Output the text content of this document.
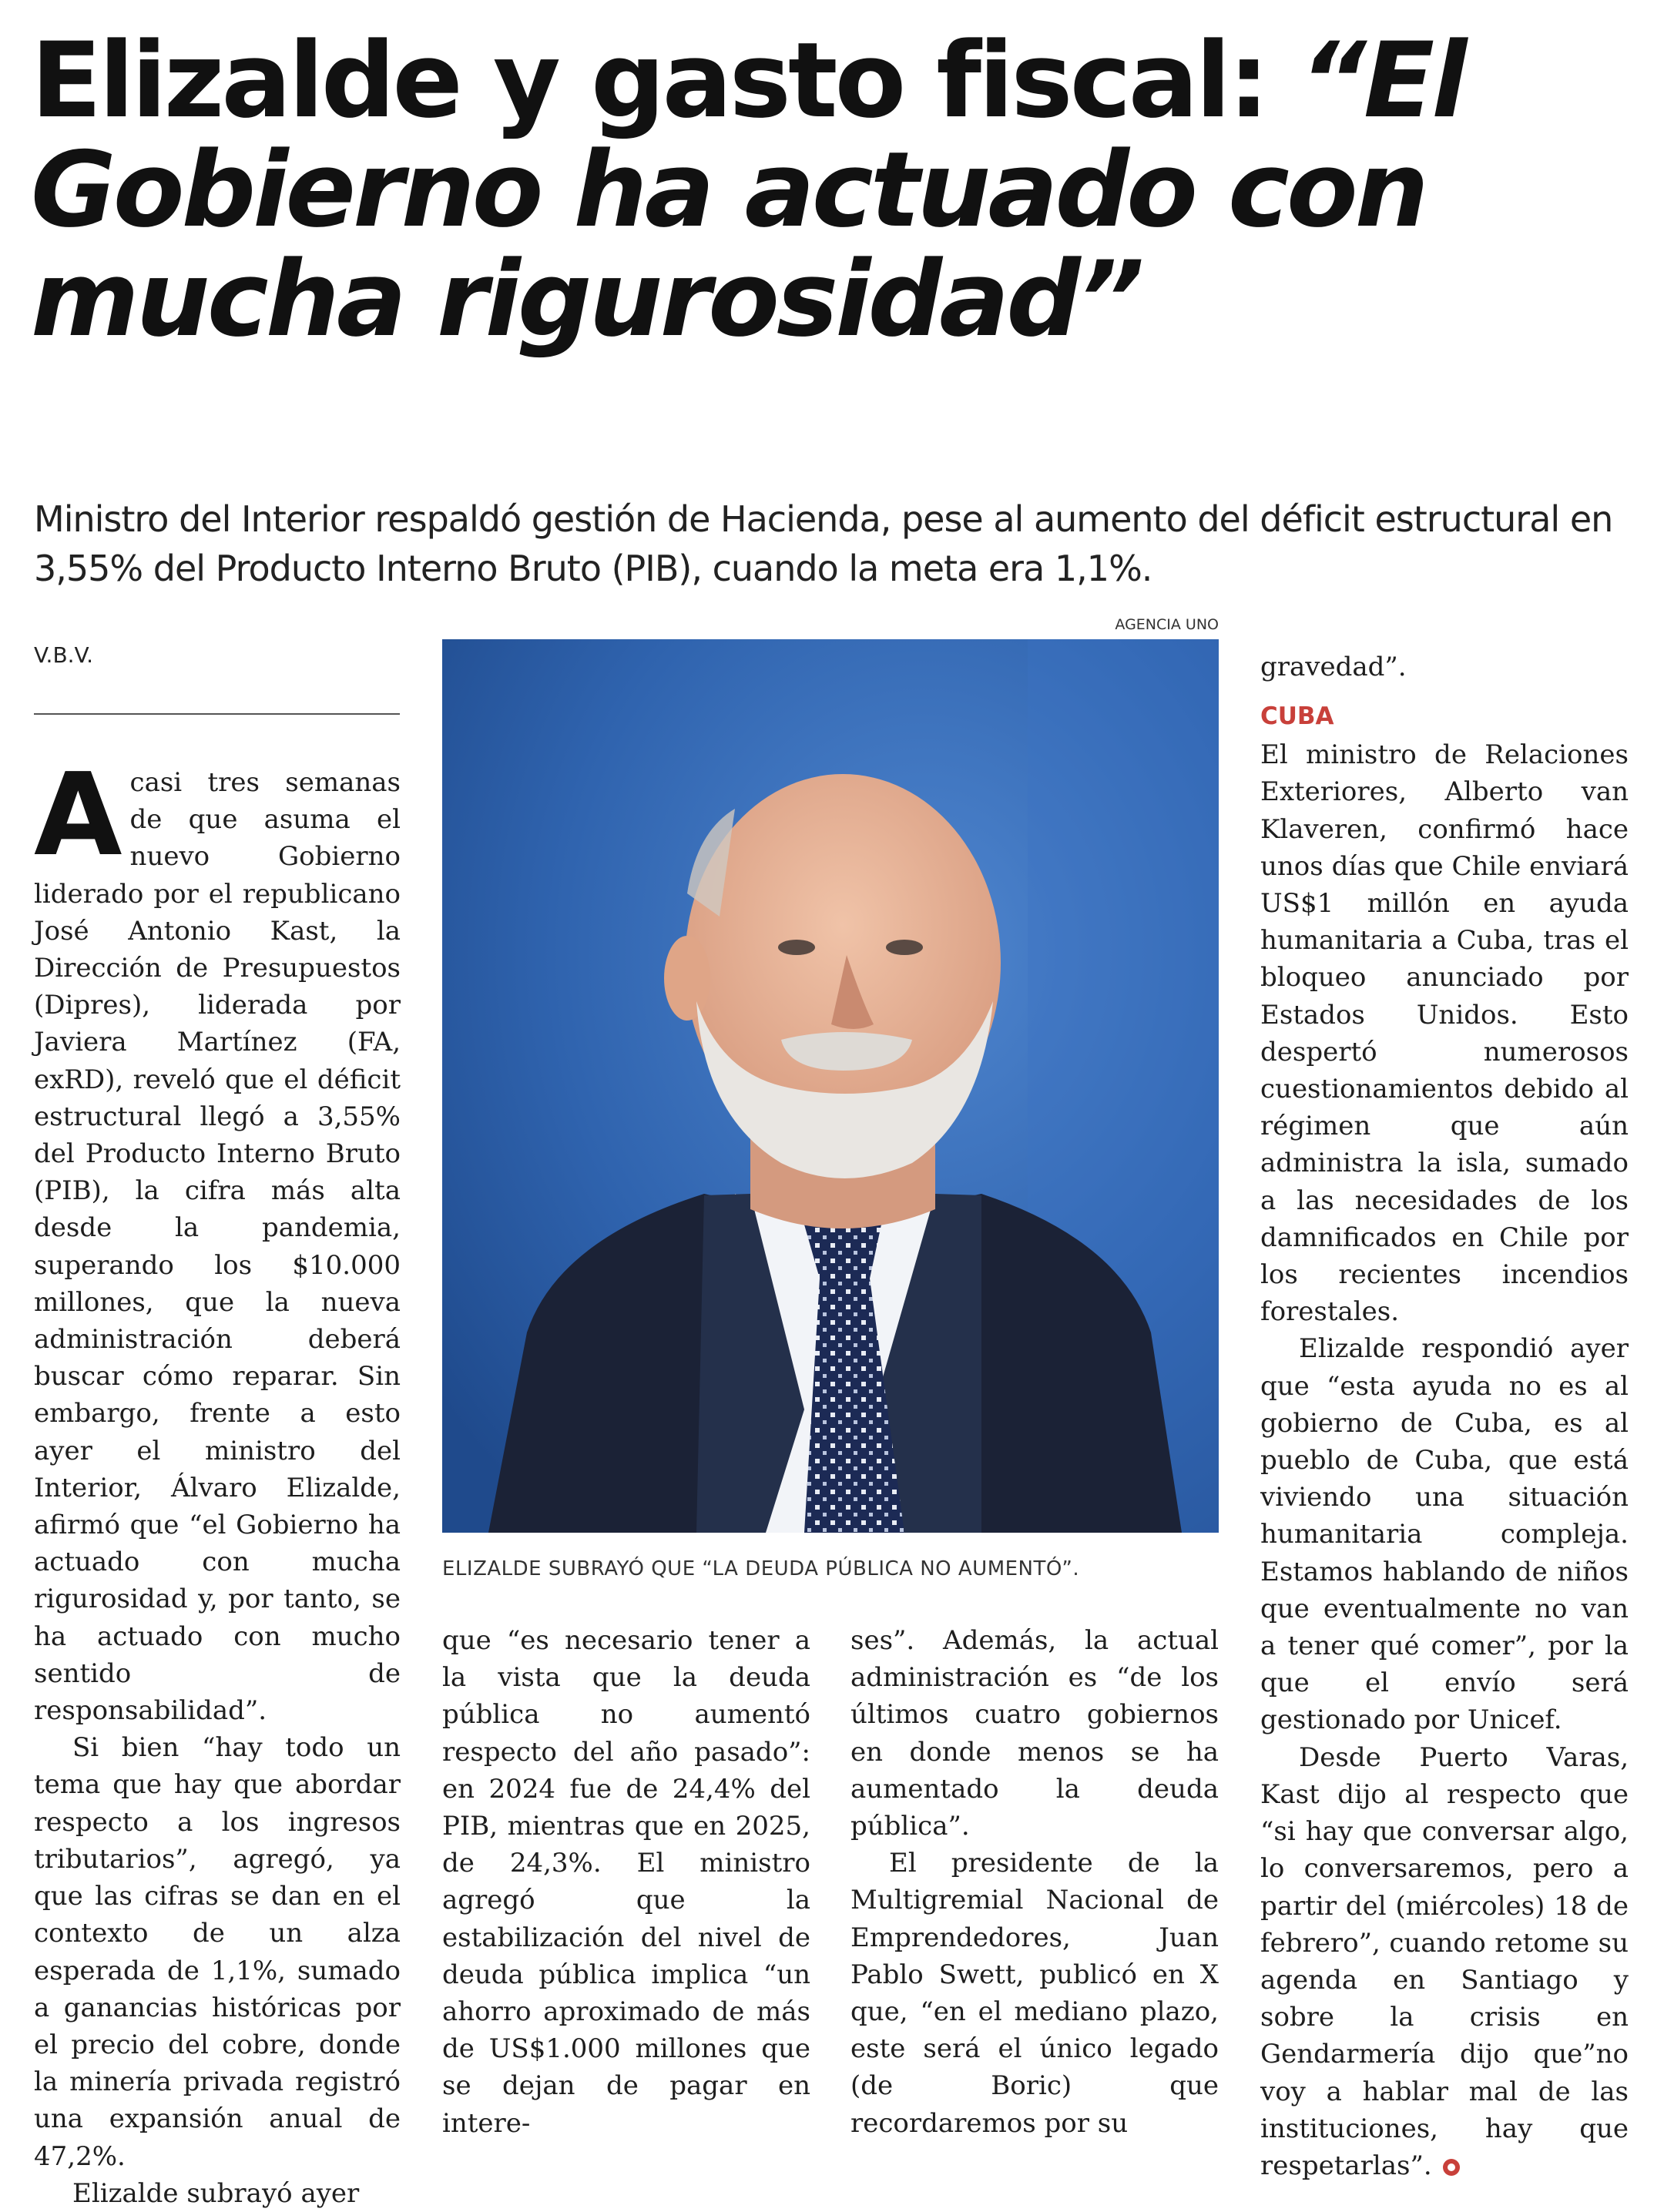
Elizalde y gasto fiscal: “El Gobierno ha actuado con mucha rigurosidad”

Ministro del Interior respaldó gestión de Hacienda, pese al aumento del déficit estructural en 3,55% del Producto Interno Bruto (PIB), cuando la meta era 1,1%.

V.B.V.
AGENCIA UNO
ELIZALDE SUBRAYÓ QUE “LA DEUDA PÚBLICA NO AUMENTÓ”.

Acasi tres semanas de que asuma el nuevo Gobierno liderado por el republicano José Antonio Kast, la Dirección de Presupuestos (Dipres), liderada por Javiera Martínez (FA, exRD), reveló que el déficit estructural llegó a 3,55% del Producto Interno Bruto (PIB), la cifra más alta desde la pandemia, superando los $10.000 millones, que la nueva administración deberá buscar cómo reparar. Sin embargo, frente a esto ayer el ministro del Interior, Álvaro Elizalde, afirmó que “el Gobierno ha actuado con mucha rigurosidad y, por tanto, se ha actuado con mucho sentido de responsabilidad”.

Si bien “hay todo un tema que hay que abordar respecto a los ingresos tributarios”, agregó, ya que las cifras se dan en el contexto de un alza esperada de 1,1%, sumado a ganancias históricas por el precio del cobre, donde la minería privada registró una expansión anual de 47,2%.

Elizalde subrayó ayer

que “es necesario tener a la vista que la deuda pública no aumentó respecto del año pasado”: en 2024 fue de 24,4% del PIB, mientras que en 2025, de 24,3%. El ministro agregó que la estabilización del nivel de deuda pública implica “un ahorro aproximado de más de US$1.000 millones que se dejan de pagar en intere-

ses”. Además, la actual administración es “de los últimos cuatro gobiernos en donde menos se ha aumentado la deuda pública”.

El presidente de la Multigremial Nacional de Emprendedores, Juan Pablo Swett, publicó en X que, “en el mediano plazo, este será el único legado (de Boric) que recordaremos por su

gravedad”.

CUBA

El ministro de Relaciones Exteriores, Alberto van Klaveren, confirmó hace unos días que Chile enviará US$1 millón en ayuda humanitaria a Cuba, tras el bloqueo anunciado por Estados Unidos. Esto despertó numerosos cuestionamientos debido al régimen que aún administra la isla, sumado a las necesidades de los damnificados en Chile por los recientes incendios forestales.

Elizalde respondió ayer que “esta ayuda no es al gobierno de Cuba, es al pueblo de Cuba, que está viviendo una situación humanitaria compleja. Estamos hablando de niños que eventualmente no van a tener qué comer”, por la que el envío será gestionado por Unicef.

Desde Puerto Varas, Kast dijo al respecto que “si hay que conversar algo, lo conversaremos, pero a partir del (miércoles) 18 de febrero”, cuando retome su agenda en Santiago y sobre la crisis en Gendarmería dijo que”no voy a hablar mal de las instituciones, hay que respetarlas”.
